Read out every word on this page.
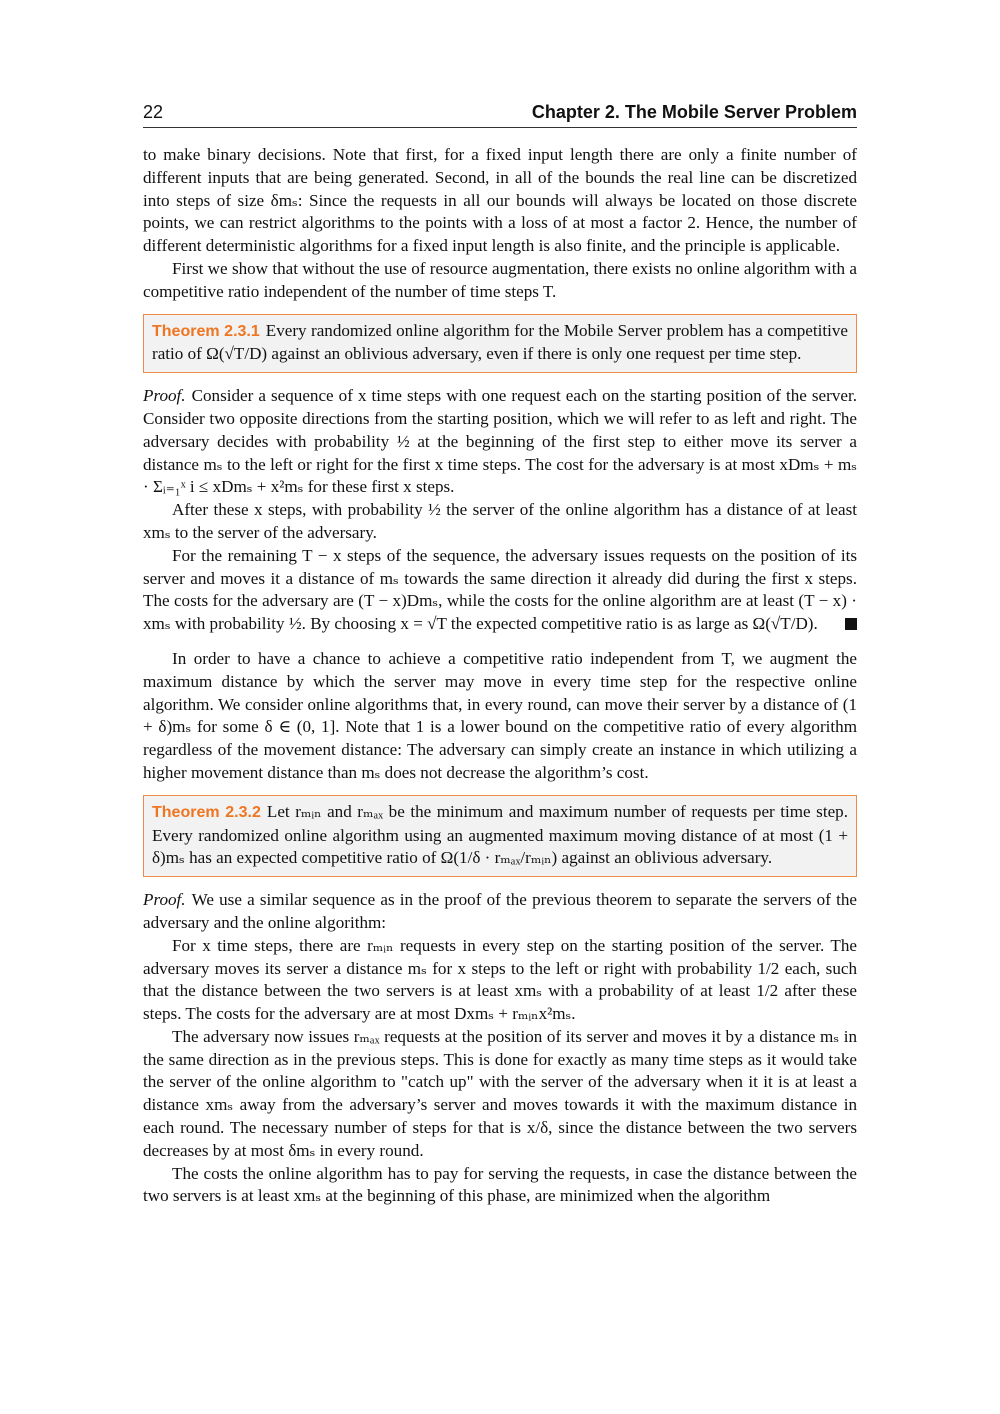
22	Chapter 2. The Mobile Server Problem

to make binary decisions. Note that first, for a fixed input length there are only a finite number of different inputs that are being generated. Second, in all of the bounds the real line can be discretized into steps of size δmₛ: Since the requests in all our bounds will always be located on those discrete points, we can restrict algorithms to the points with a loss of at most a factor 2. Hence, the number of different deterministic algorithms for a fixed input length is also finite, and the principle is applicable.

First we show that without the use of resource augmentation, there exists no online algorithm with a competitive ratio independent of the number of time steps T.

Theorem 2.3.1 Every randomized online algorithm for the Mobile Server problem has a competitive ratio of Ω(√T/D) against an oblivious adversary, even if there is only one request per time step.

Proof. Consider a sequence of x time steps with one request each on the starting position of the server. Consider two opposite directions from the starting position, which we will refer to as left and right. The adversary decides with probability ½ at the beginning of the first step to either move its server a distance mₛ to the left or right for the first x time steps. The cost for the adversary is at most xDmₛ + mₛ · Σᵢ₌₁ˣ i ≤ xDmₛ + x²mₛ for these first x steps.

After these x steps, with probability ½ the server of the online algorithm has a distance of at least xmₛ to the server of the adversary.

For the remaining T − x steps of the sequence, the adversary issues requests on the position of its server and moves it a distance of mₛ towards the same direction it already did during the first x steps. The costs for the adversary are (T − x)Dmₛ, while the costs for the online algorithm are at least (T − x) · xmₛ with probability ½. By choosing x = √T the expected competitive ratio is as large as Ω(√T/D).

In order to have a chance to achieve a competitive ratio independent from T, we augment the maximum distance by which the server may move in every time step for the respective online algorithm. We consider online algorithms that, in every round, can move their server by a distance of (1 + δ)mₛ for some δ ∈ (0, 1]. Note that 1 is a lower bound on the competitive ratio of every algorithm regardless of the movement distance: The adversary can simply create an instance in which utilizing a higher movement distance than mₛ does not decrease the algorithm’s cost.

Theorem 2.3.2 Let rₘᵢₙ and rₘₐₓ be the minimum and maximum number of requests per time step. Every randomized online algorithm using an augmented maximum moving distance of at most (1 + δ)mₛ has an expected competitive ratio of Ω(1/δ · rₘₐₓ/rₘᵢₙ) against an oblivious adversary.

Proof. We use a similar sequence as in the proof of the previous theorem to separate the servers of the adversary and the online algorithm:

For x time steps, there are rₘᵢₙ requests in every step on the starting position of the server. The adversary moves its server a distance mₛ for x steps to the left or right with probability 1/2 each, such that the distance between the two servers is at least xmₛ with a probability of at least 1/2 after these steps. The costs for the adversary are at most Dxmₛ + rₘᵢₙx²mₛ.

The adversary now issues rₘₐₓ requests at the position of its server and moves it by a distance mₛ in the same direction as in the previous steps. This is done for exactly as many time steps as it would take the server of the online algorithm to "catch up" with the server of the adversary when it it is at least a distance xmₛ away from the adversary’s server and moves towards it with the maximum distance in each round. The necessary number of steps for that is x/δ, since the distance between the two servers decreases by at most δmₛ in every round.

The costs the online algorithm has to pay for serving the requests, in case the distance between the two servers is at least xmₛ at the beginning of this phase, are minimized when the algorithm
